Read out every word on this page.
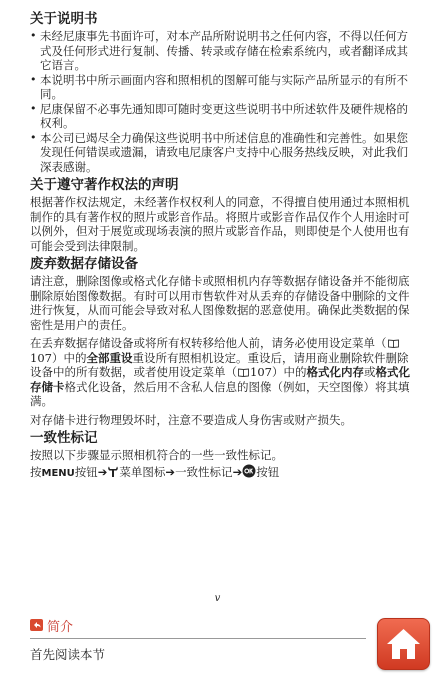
关于说明书
• 未经尼康事先书面许可，对本产品所附说明书之任何内容，不得以任何方式及任何形式进行复制、传播、转录或存储在检索系统内，或者翻译成其它语言。
• 本说明书中所示画面内容和照相机的图解可能与实际产品所显示的有所不同。
• 尼康保留不必事先通知即可随时变更这些说明书中所述软件及硬件规格的权利。
• 本公司已竭尽全力确保这些说明书中所述信息的准确性和完善性。如果您发现任何错误或遗漏，请致电尼康客户支持中心服务热线反映，对此我们深表感谢。
关于遵守著作权法的声明

根据著作权法规定，未经著作权权利人的同意，不得擅自使用通过本照相机制作的具有著作权的照片或影音作品。将照片或影音作品仅作个人用途时可以例外，但对于展览或现场表演的照片或影音作品，则即使是个人使用也有可能会受到法律限制。

废弃数据存储设备

请注意，删除图像或格式化存储卡或照相机内存等数据存储设备并不能彻底删除原始图像数据。有时可以用市售软件对从丢弃的存储设备中删除的文件进行恢复，从而可能会导致对私人图像数据的恶意使用。确保此类数据的保密性是用户的责任。

在丢弃数据存储设备或将所有权转移给他人前，请务必使用设定菜单（107）中的全部重设重设所有照相机设定。重设后，请用商业删除软件删除设备中的所有数据，或者使用设定菜单（ 107）中的格式化内存或格式化存储卡格式化设备，然后用不含私人信息的图像（例如，天空图像）将其填满。

对存储卡进行物理毁坏时，注意不要造成人身伤害或财产损失。

一致性标记

按照以下步骤显示照相机符合的一些一致性标记。

按MENU按钮➔ 菜单图标➔一致性标记➔ 按钮

v
简介
首先阅读本节
